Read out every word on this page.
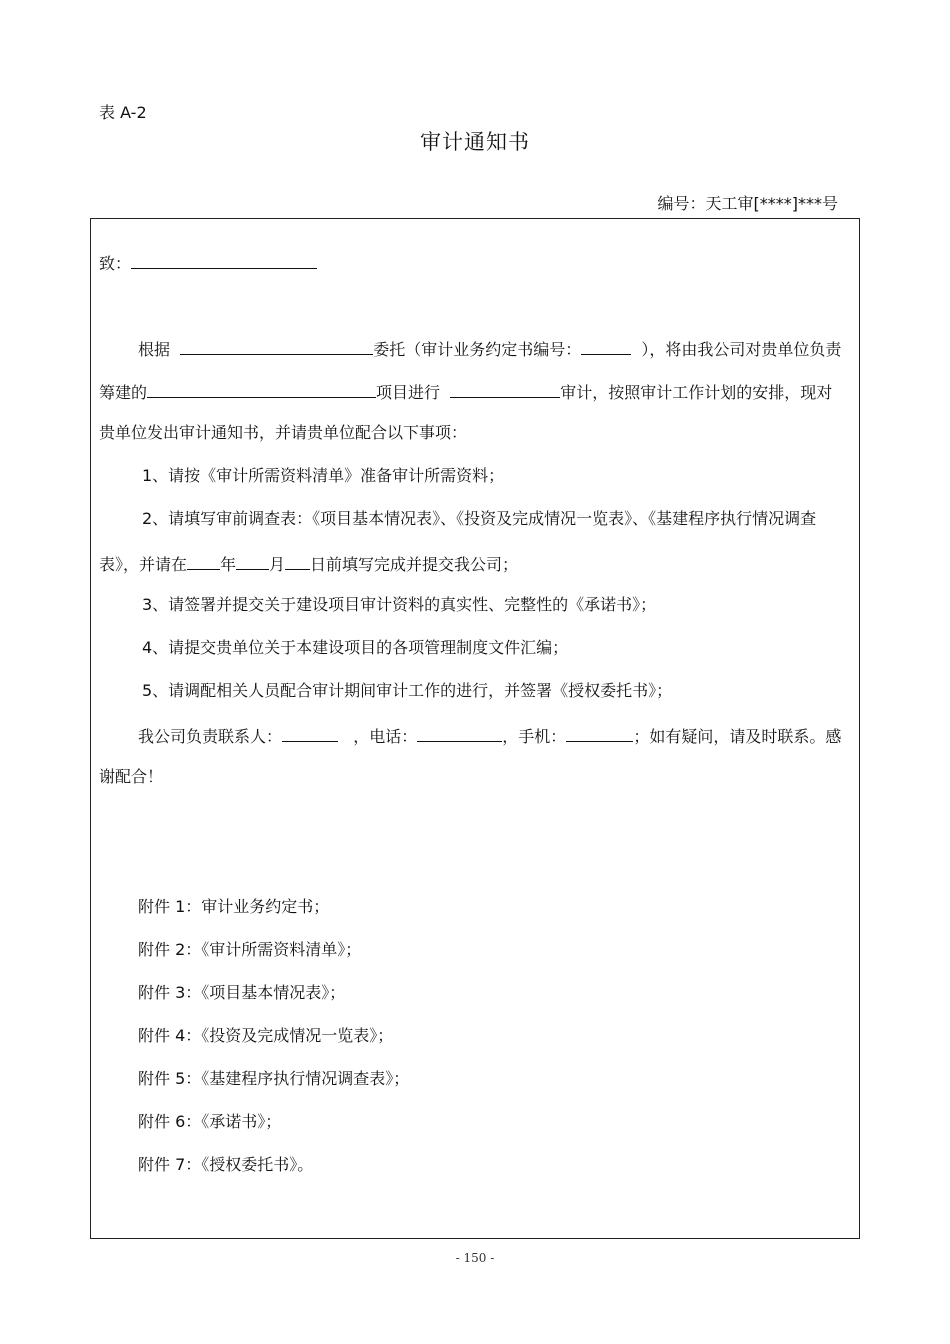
表 A-2
审计通知书
编号：天工审[****]***号
致：
根据	委托（审计业务约定书编号：	），将由我公司对贵单位负责
筹建的	项目进行	审计，按照审计工作计划的安排，现对
贵单位发出审计通知书，并请贵单位配合以下事项：
1、请按《审计所需资料清单》准备审计所需资料；
2、请填写审前调查表：《项目基本情况表》、《投资及完成情况一览表》、《基建程序执行情况调查
表》，并请在 年 月 日前填写完成并提交我公司；
3、请签署并提交关于建设项目审计资料的真实性、完整性的《承诺书》；
4、请提交贵单位关于本建设项目的各项管理制度文件汇编；
5、请调配相关人员配合审计期间审计工作的进行，并签署《授权委托书》；
我公司负责联系人：	，电话：	，手机：	；如有疑问，请及时联系。感
谢配合！
附件 1：审计业务约定书；
附件 2：《审计所需资料清单》；
附件 3：《项目基本情况表》；
附件 4：《投资及完成情况一览表》；
附件 5：《基建程序执行情况调查表》；
附件 6：《承诺书》；
附件 7：《授权委托书》。
- 150 -
